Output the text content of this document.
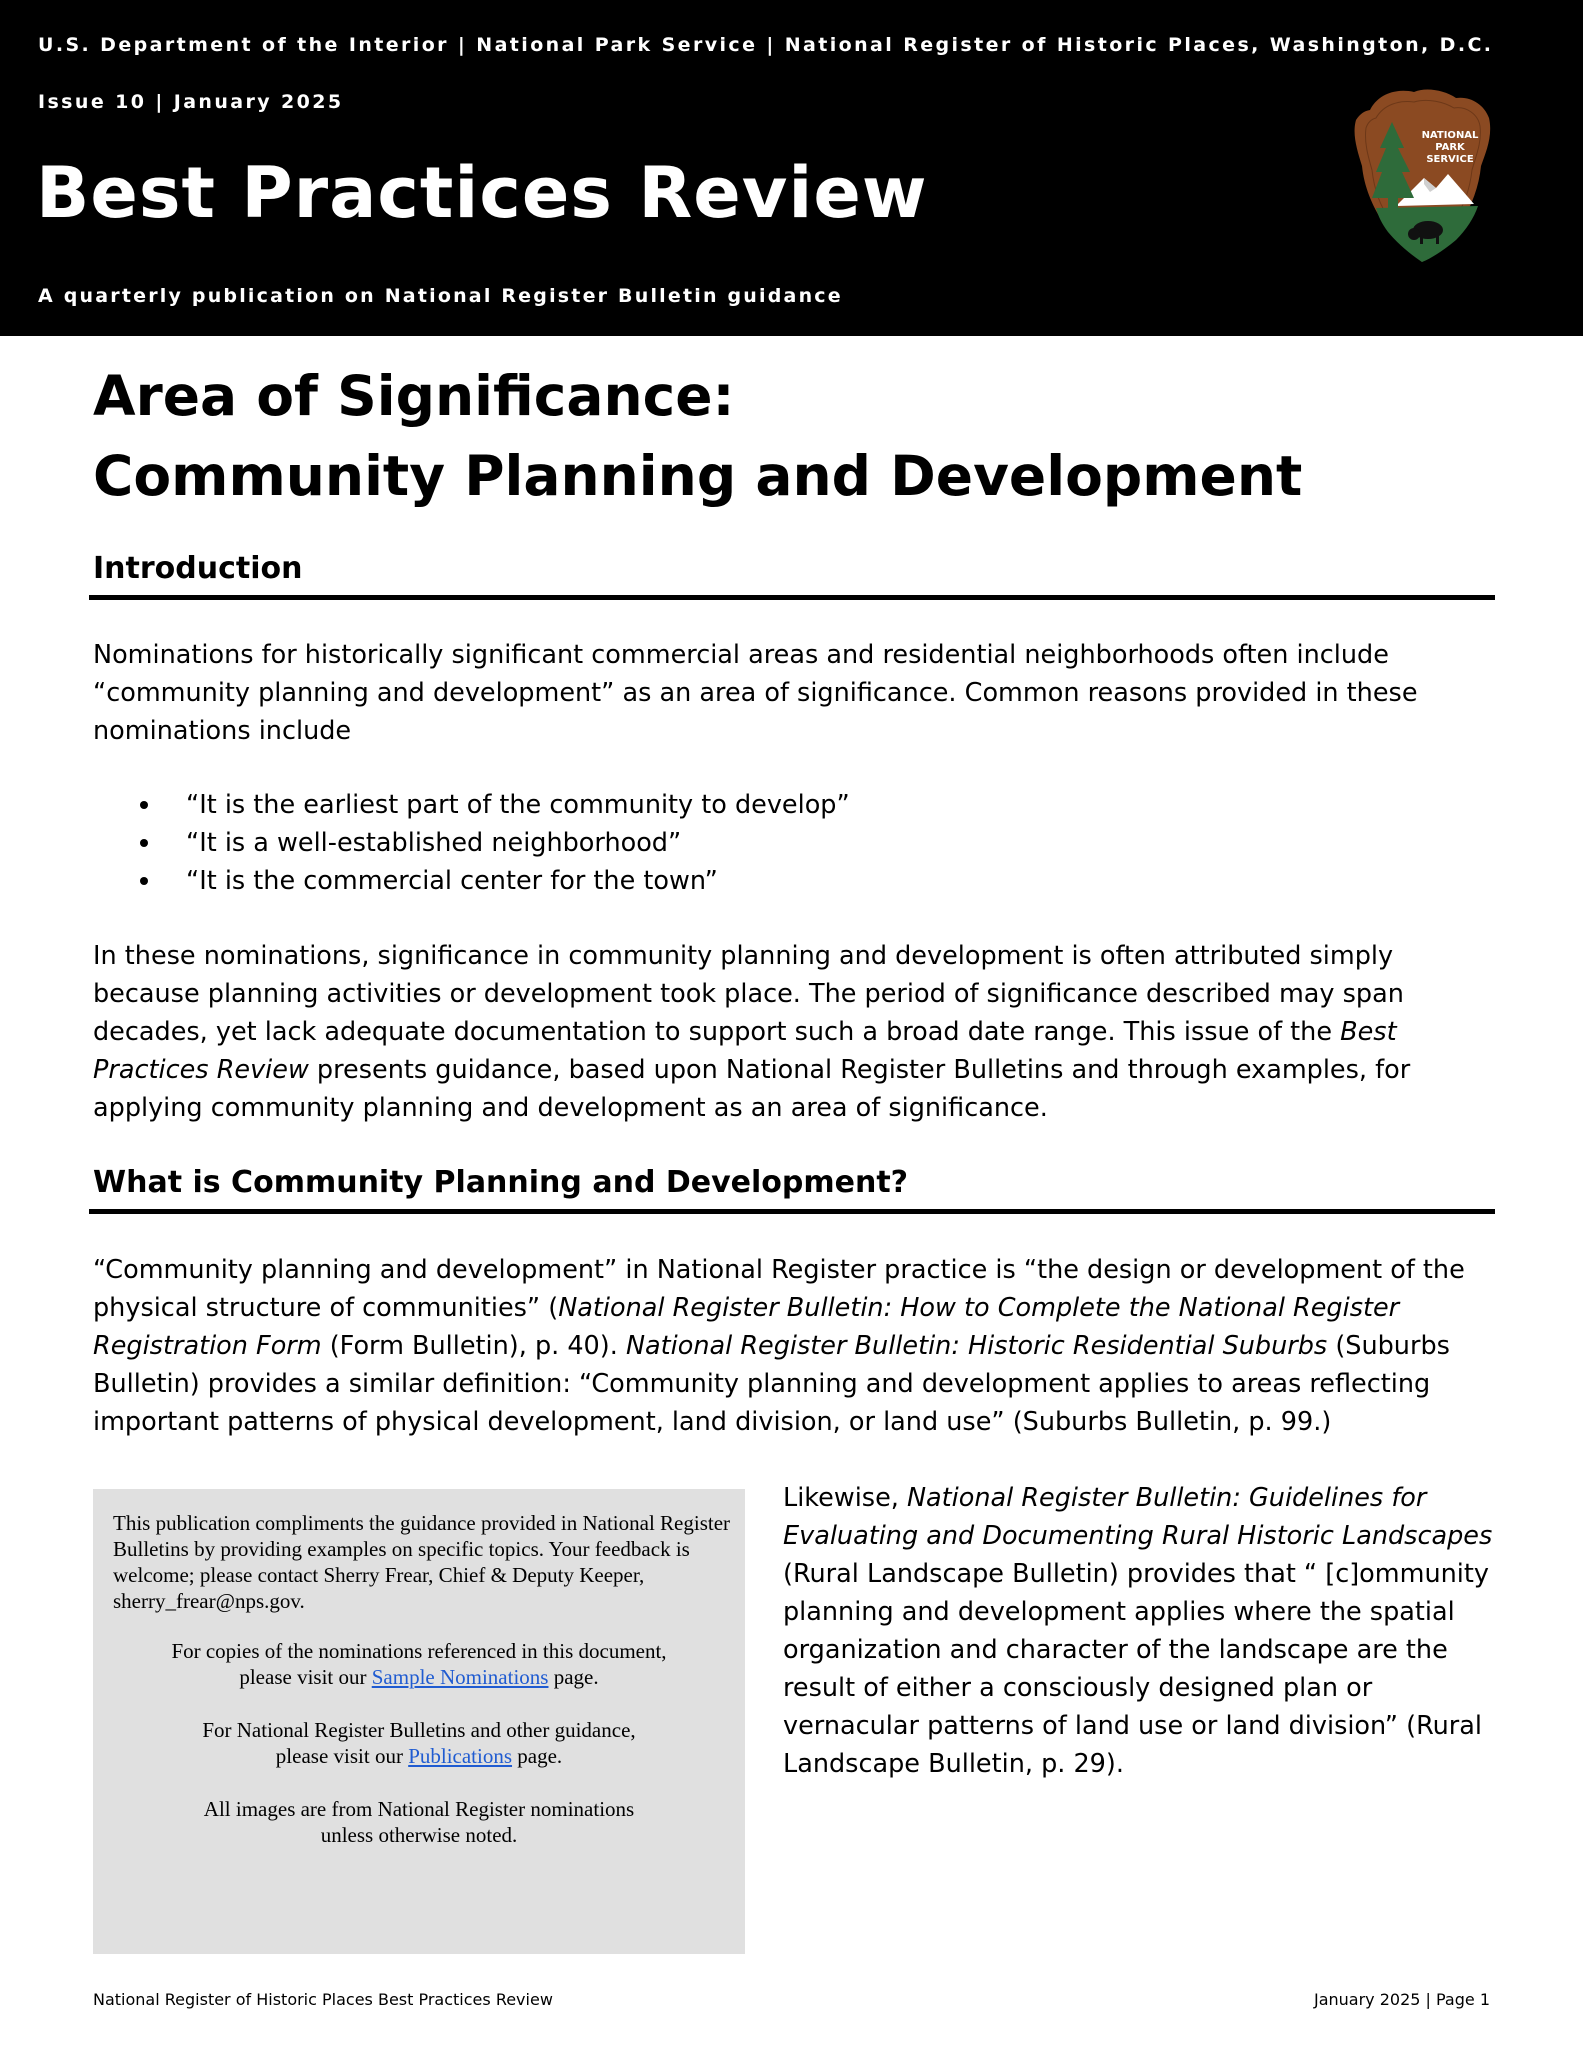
U.S. Department of the Interior | National Park Service | National Register of Historic Places, Washington, D.C.
Issue 10 | January 2025
Best Practices Review
A quarterly publication on National Register Bulletin guidance
NATIONAL
PARK
SERVICE
Area of Significance:
Community Planning and Development
Introduction

Nominations for historically significant commercial areas and residential neighborhoods often include “community planning and development” as an area of significance. Common reasons provided in these nominations include

“It is the earliest part of the community to develop”
“It is a well-established neighborhood”
“It is the commercial center for the town”

In these nominations, significance in community planning and development is often attributed simply because planning activities or development took place. The period of significance described may span decades, yet lack adequate documentation to support such a broad date range. This issue of the Best Practices Review presents guidance, based upon National Register Bulletins and through examples, for applying community planning and development as an area of significance.

What is Community Planning and Development?

“Community planning and development” in National Register practice is “the design or development of the physical structure of communities” (National Register Bulletin: How to Complete the National Register Registration Form (Form Bulletin), p. 40). National Register Bulletin: Historic Residential Suburbs (Suburbs Bulletin) provides a similar definition: “Community planning and development applies to areas reflecting important patterns of physical development, land division, or land use” (Suburbs Bulletin, p. 99.)

This publication compliments the guidance provided in National Register Bulletins by providing examples on specific topics. Your feedback is welcome; please contact Sherry Frear, Chief & Deputy Keeper, sherry_frear@nps.gov.

For copies of the nominations referenced in this document,
please visit our Sample Nominations page.

For National Register Bulletins and other guidance,
please visit our Publications page.

All images are from National Register nominations
unless otherwise noted.

Likewise, National Register Bulletin: Guidelines for Evaluating and Documenting Rural Historic Landscapes (Rural Landscape Bulletin) provides that “ [c]ommunity planning and development applies where the spatial organization and character of the landscape are the result of either a consciously designed plan or vernacular patterns of land use or land division” (Rural Landscape Bulletin, p. 29).

National Register of Historic Places Best Practices Review	January 2025 | Page 1
